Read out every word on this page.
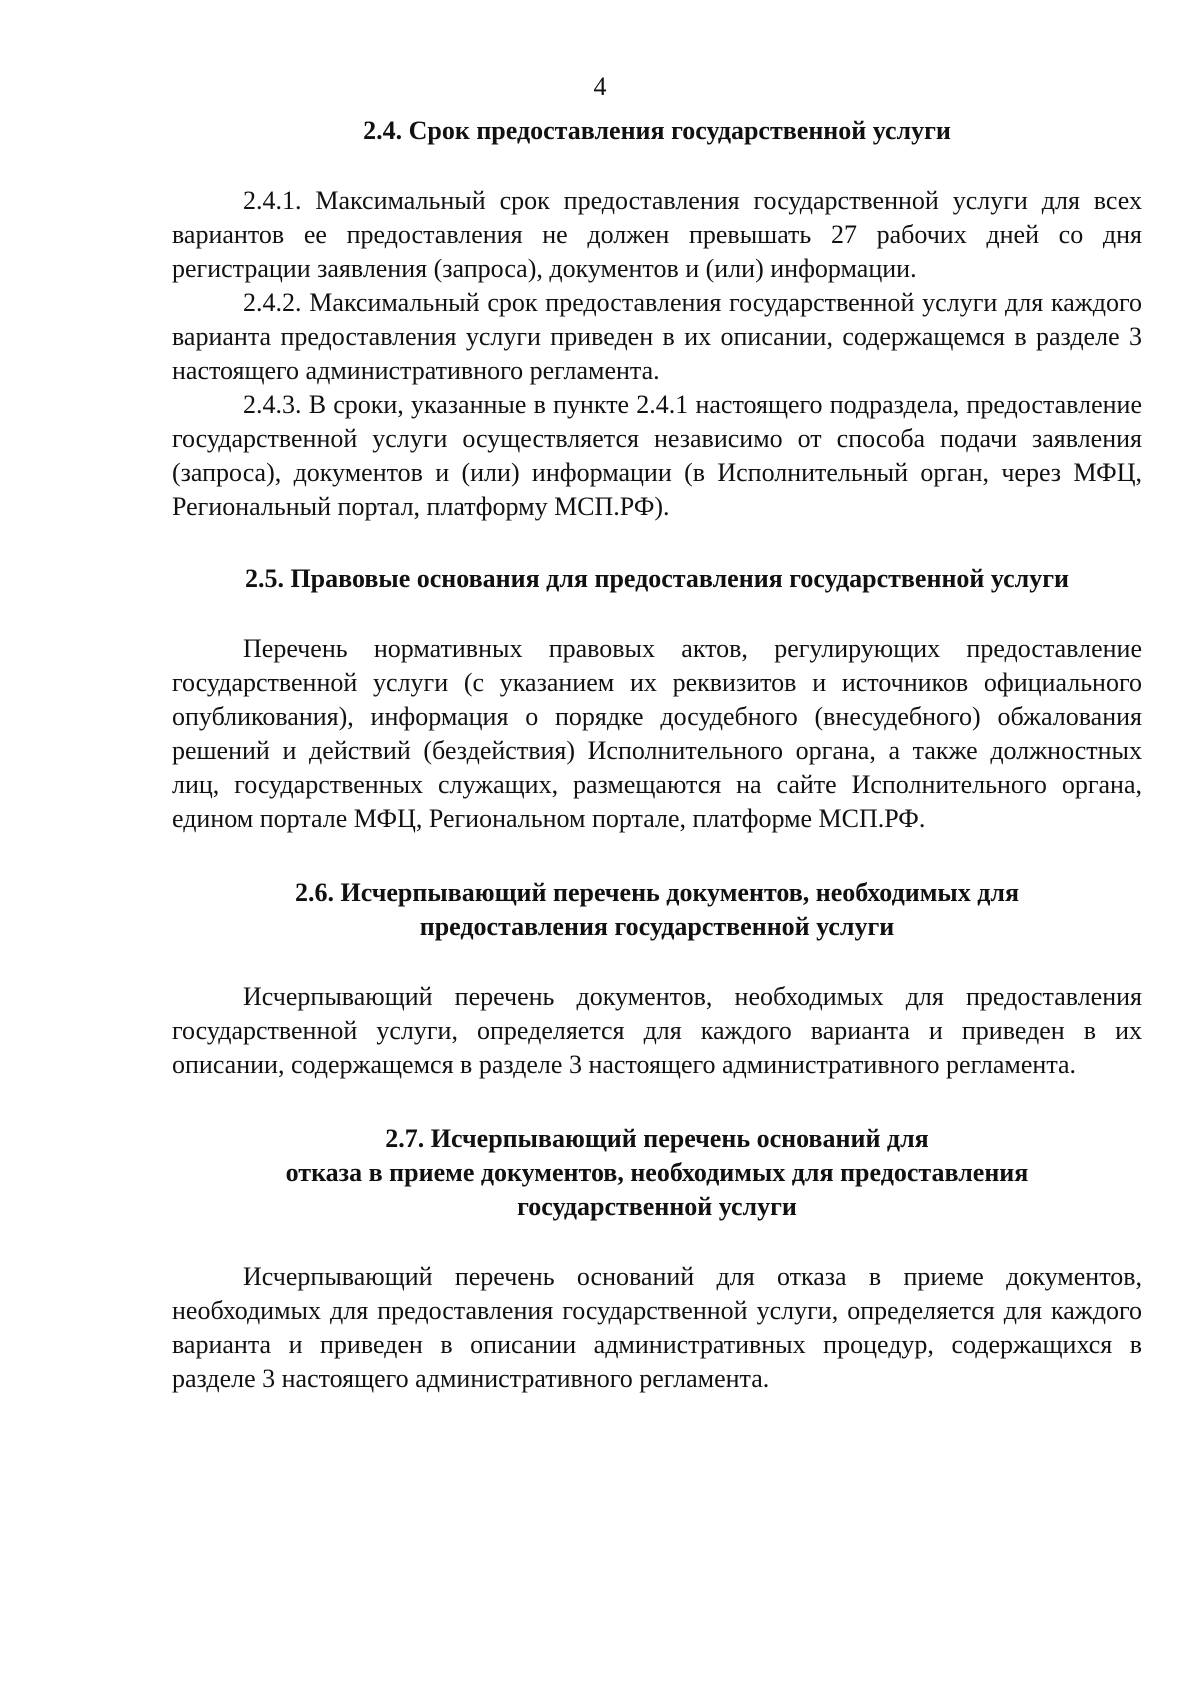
4
2.4. Срок предоставления государственной услуги

2.4.1. Максимальный срок предоставления государственной услуги для всех вариантов ее предоставления не должен превышать 27 рабочих дней со дня регистрации заявления (запроса), документов и (или) информации.

2.4.2. Максимальный срок предоставления государственной услуги для каждого варианта предоставления услуги приведен в их описании, содержащемся в разделе 3 настоящего административного регламента.

2.4.3. В сроки, указанные в пункте 2.4.1 настоящего подраздела, предоставление государственной услуги осуществляется независимо от способа подачи заявления (запроса), документов и (или) информации (в Исполнительный орган, через МФЦ, Региональный портал, платформу МСП.РФ).

2.5. Правовые основания для предоставления государственной услуги

Перечень нормативных правовых актов, регулирующих предоставление государственной услуги (с указанием их реквизитов и источников официального опубликования), информация о порядке досудебного (внесудебного) обжалования решений и действий (бездействия) Исполнительного органа, а также должностных лиц, государственных служащих, размещаются на сайте Исполнительного органа, едином портале МФЦ, Региональном портале, платформе МСП.РФ.

2.6. Исчерпывающий перечень документов, необходимых для
предоставления государственной услуги

Исчерпывающий перечень документов, необходимых для предоставления государственной услуги, определяется для каждого варианта и приведен в их описании, содержащемся в разделе 3 настоящего административного регламента.

2.7. Исчерпывающий перечень оснований для
отказа в приеме документов, необходимых для предоставления
государственной услуги

Исчерпывающий перечень оснований для отказа в приеме документов, необходимых для предоставления государственной услуги, определяется для каждого варианта и приведен в описании административных процедур, содержащихся в разделе 3 настоящего административного регламента.
